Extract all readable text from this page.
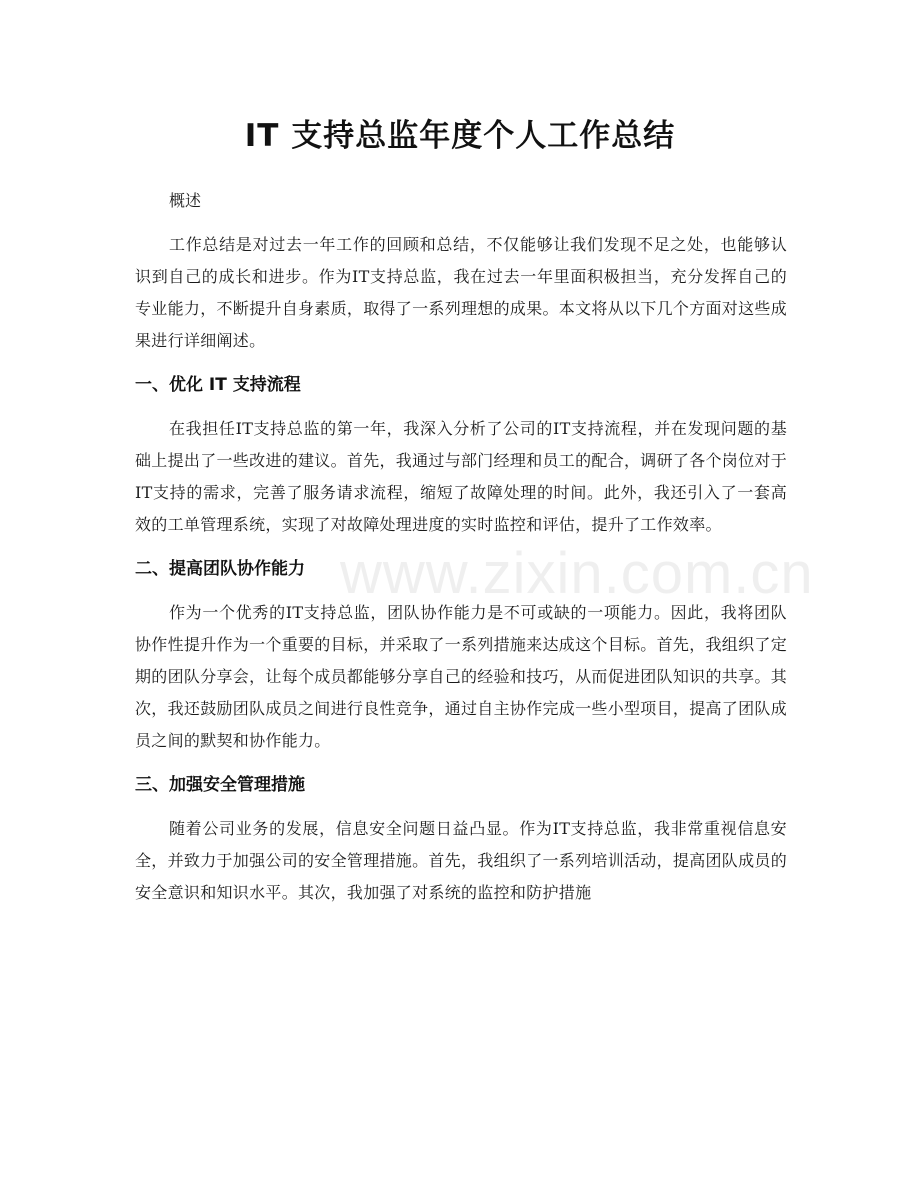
IT 支持总监年度个人工作总结

概述

工作总结是对过去一年工作的回顾和总结，不仅能够让我们发现不足之处，也能够认识到自己的成长和进步。作为IT支持总监，我在过去一年里面积极担当，充分发挥自己的专业能力，不断提升自身素质，取得了一系列理想的成果。本文将从以下几个方面对这些成果进行详细阐述。

一、优化 IT 支持流程

在我担任IT支持总监的第一年，我深入分析了公司的IT支持流程，并在发现问题的基础上提出了一些改进的建议。首先，我通过与部门经理和员工的配合，调研了各个岗位对于IT支持的需求，完善了服务请求流程，缩短了故障处理的时间。此外，我还引入了一套高效的工单管理系统，实现了对故障处理进度的实时监控和评估，提升了工作效率。

二、提高团队协作能力

作为一个优秀的IT支持总监，团队协作能力是不可或缺的一项能力。因此，我将团队协作性提升作为一个重要的目标，并采取了一系列措施来达成这个目标。首先，我组织了定期的团队分享会，让每个成员都能够分享自己的经验和技巧，从而促进团队知识的共享。其次，我还鼓励团队成员之间进行良性竞争，通过自主协作完成一些小型项目，提高了团队成员之间的默契和协作能力。

三、加强安全管理措施

随着公司业务的发展，信息安全问题日益凸显。作为IT支持总监，我非常重视信息安全，并致力于加强公司的安全管理措施。首先，我组织了一系列培训活动，提高团队成员的安全意识和知识水平。其次，我加强了对系统的监控和防护措施

www.zixin.com.cn
